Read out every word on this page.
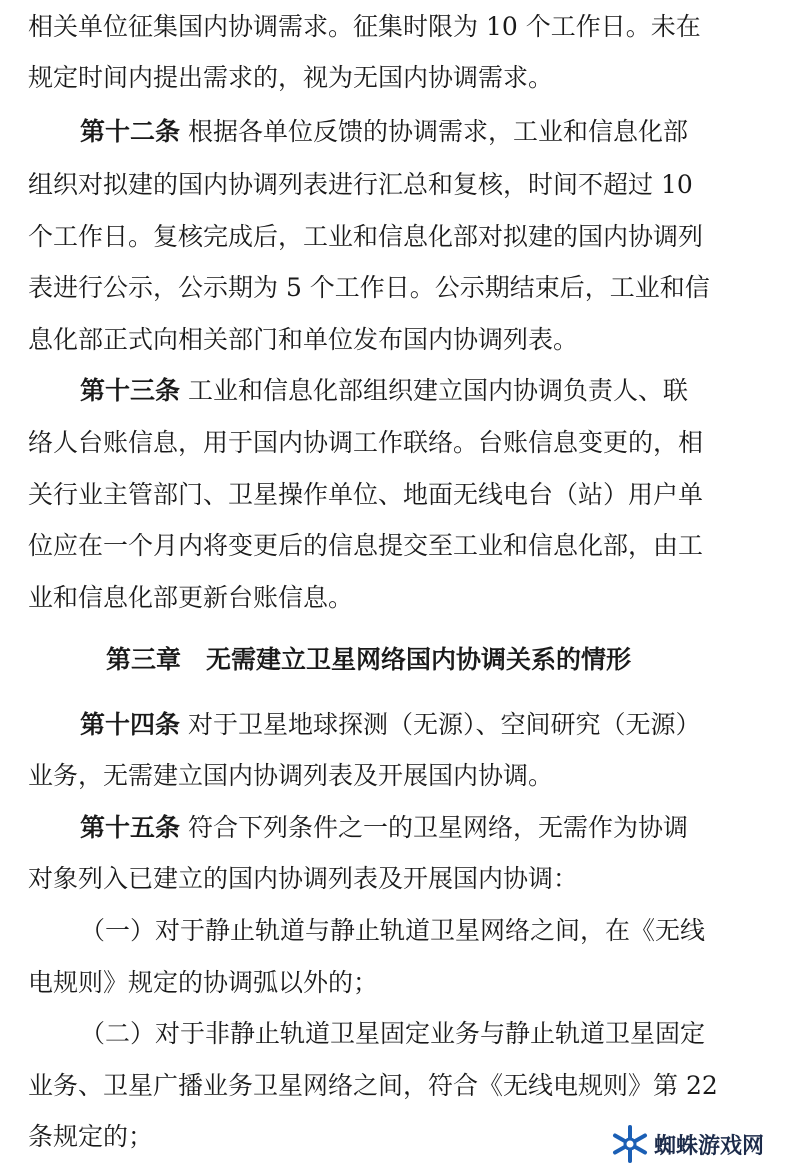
相关单位征集国内协调需求。征集时限为 10 个工作日。未在
规定时间内提出需求的，视为无国内协调需求。
第十二条 根据各单位反馈的协调需求，工业和信息化部
组织对拟建的国内协调列表进行汇总和复核，时间不超过 10
个工作日。复核完成后，工业和信息化部对拟建的国内协调列
表进行公示，公示期为 5 个工作日。公示期结束后，工业和信
息化部正式向相关部门和单位发布国内协调列表。
第十三条 工业和信息化部组织建立国内协调负责人、联
络人台账信息，用于国内协调工作联络。台账信息变更的，相
关行业主管部门、卫星操作单位、地面无线电台（站）用户单
位应在一个月内将变更后的信息提交至工业和信息化部，由工
业和信息化部更新台账信息。
第三章　无需建立卫星网络国内协调关系的情形
第十四条 对于卫星地球探测（无源）、空间研究（无源）
业务，无需建立国内协调列表及开展国内协调。
第十五条 符合下列条件之一的卫星网络，无需作为协调
对象列入已建立的国内协调列表及开展国内协调：
（一）对于静止轨道与静止轨道卫星网络之间，在《无线
电规则》规定的协调弧以外的；
（二）对于非静止轨道卫星固定业务与静止轨道卫星固定
业务、卫星广播业务卫星网络之间，符合《无线电规则》第 22
条规定的；	蜘蛛游戏网
